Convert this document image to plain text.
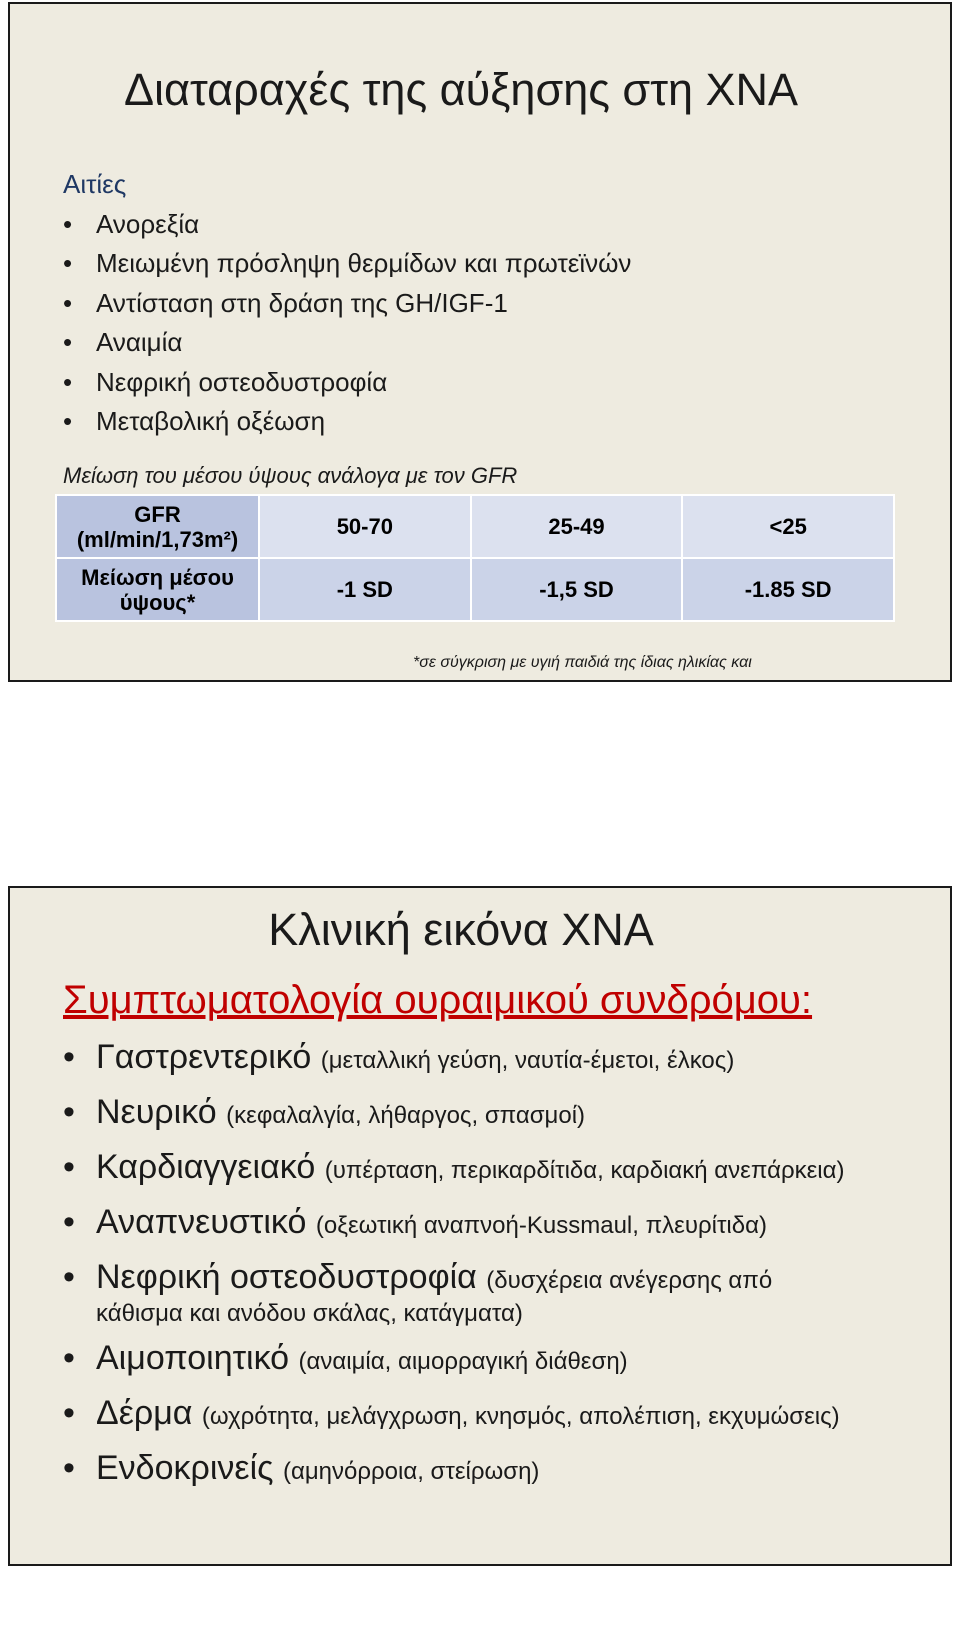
Διαταραχές της αύξησης στη ΧΝΑ
Αιτίες
• Ανορεξία
• Μειωμένη πρόσληψη θερμίδων και πρωτεϊνών
• Αντίσταση στη δράση της GH/IGF-1
• Αναιμία
• Νεφρική οστεοδυστροφία
• Μεταβολική οξέωση
Μείωση του μέσου ύψους ανάλογα με τον GFR
GFR
(ml/min/1,73m²)	50-70	25-49	<25

Μείωση μέσου
ύψους*	-1 SD	-1,5 SD	-1.85 SD
*σε σύγκριση με υγιή παιδιά της ίδιας ηλικίας και
Κλινική εικόνα ΧΝΑ
Συμπτωματολογία ουραιμικού συνδρόμου:
• Γαστρεντερικό (μεταλλική γεύση, ναυτία-έμετοι, έλκος)
• Νευρικό (κεφαλαλγία, λήθαργος, σπασμοί)
• Καρδιαγγειακό (υπέρταση, περικαρδίτιδα, καρδιακή ανεπάρκεια)
• Αναπνευστικό (οξεωτική αναπνοή-Kussmaul, πλευρίτιδα)
• Νεφρική οστεοδυστροφία (δυσχέρεια ανέγερσης από
κάθισμα και ανόδου σκάλας, κατάγματα)
• Αιμοποιητικό (αναιμία, αιμορραγική διάθεση)
• Δέρμα (ωχρότητα, μελάγχρωση, κνησμός, απολέπιση, εκχυμώσεις)
• Ενδοκρινείς (αμηνόρροια, στείρωση)
